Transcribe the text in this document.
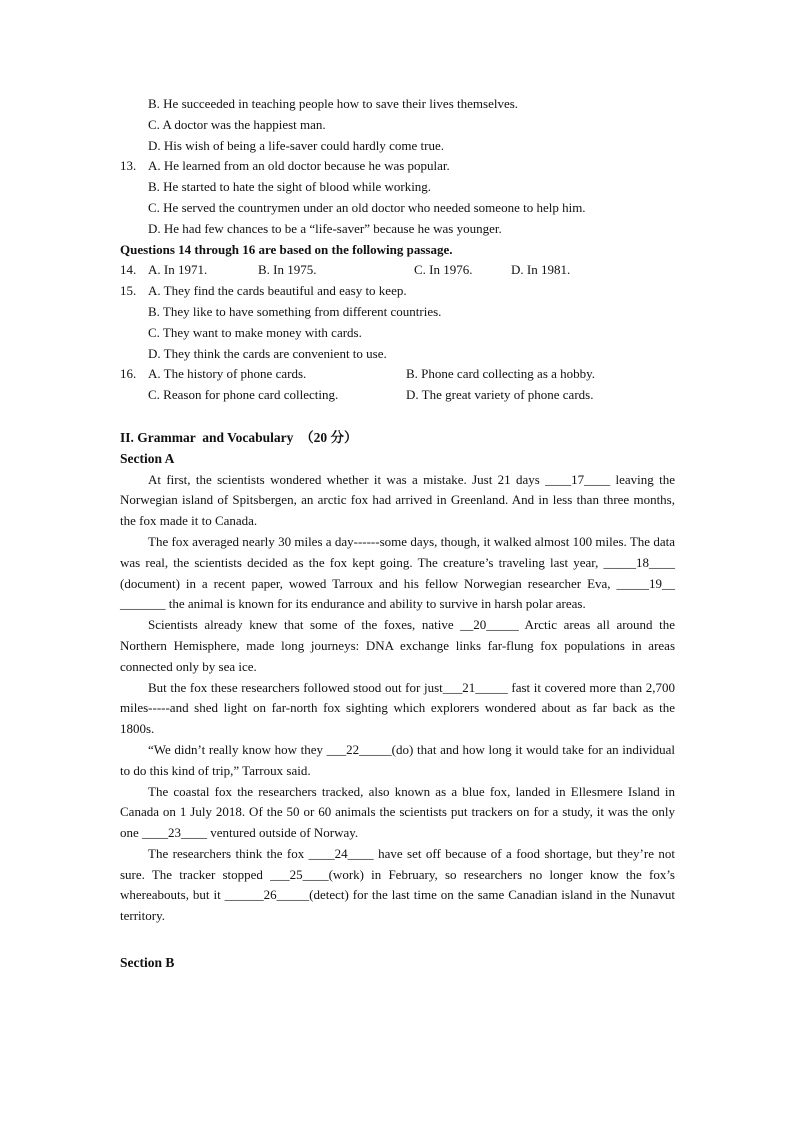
B. He succeeded in teaching people how to save their lives themselves.
C. A doctor was the happiest man.
D. His wish of being a life-saver could hardly come true.
13. A. He learned from an old doctor because he was popular.
B. He started to hate the sight of blood while working.
C. He served the countrymen under an old doctor who needed someone to help him.
D. He had few chances to be a “life-saver” because he was younger.
Questions 14 through 16 are based on the following passage.
14. A. In 1971.	B. In 1975.	C. In 1976.	D. In 1981.
15. A. They find the cards beautiful and easy to keep.
B. They like to have something from different countries.
C. They want to make money with cards.
D. They think the cards are convenient to use.
16. A. The history of phone cards.	B. Phone card collecting as a hobby.
C. Reason for phone card collecting.	D. The great variety of phone cards.
II. Grammar  and Vocabulary  （20 分）
Section A

At first, the scientists wondered whether it was a mistake. Just 21 days ____17____ leaving the Norwegian island of Spitsbergen, an arctic fox had arrived in Greenland. And in less than three months, the fox made it to Canada.

The fox averaged nearly 30 miles a day------some days, though, it walked almost 100 miles. The data was real, the scientists decided as the fox kept going. The creature’s traveling last year, _____18____ (document) in a recent paper, wowed Tarroux and his fellow Norwegian researcher Eva, _____19__ _______ the animal is known for its endurance and ability to survive in harsh polar areas.

Scientists already knew that some of the foxes, native __20_____ Arctic areas all around the Northern Hemisphere, made long journeys: DNA exchange links far-flung fox populations in areas connected only by sea ice.

But the fox these researchers followed stood out for just___21_____ fast it covered more than 2,700 miles-----and shed light on far-north fox sighting which explorers wondered about as far back as the 1800s.

“We didn’t really know how they ___22_____(do) that and how long it would take for an individual to do this kind of trip,” Tarroux said.

The coastal fox the researchers tracked, also known as a blue fox, landed in Ellesmere Island in Canada on 1 July 2018. Of the 50 or 60 animals the scientists put trackers on for a study, it was the only one ____23____ ventured outside of Norway.

The researchers think the fox ____24____ have set off because of a food shortage, but they’re not sure. The tracker stopped ___25____(work) in February, so researchers no longer know the fox’s whereabouts, but it ______26_____(detect) for the last time on the same Canadian island in the Nunavut territory.

Section B
